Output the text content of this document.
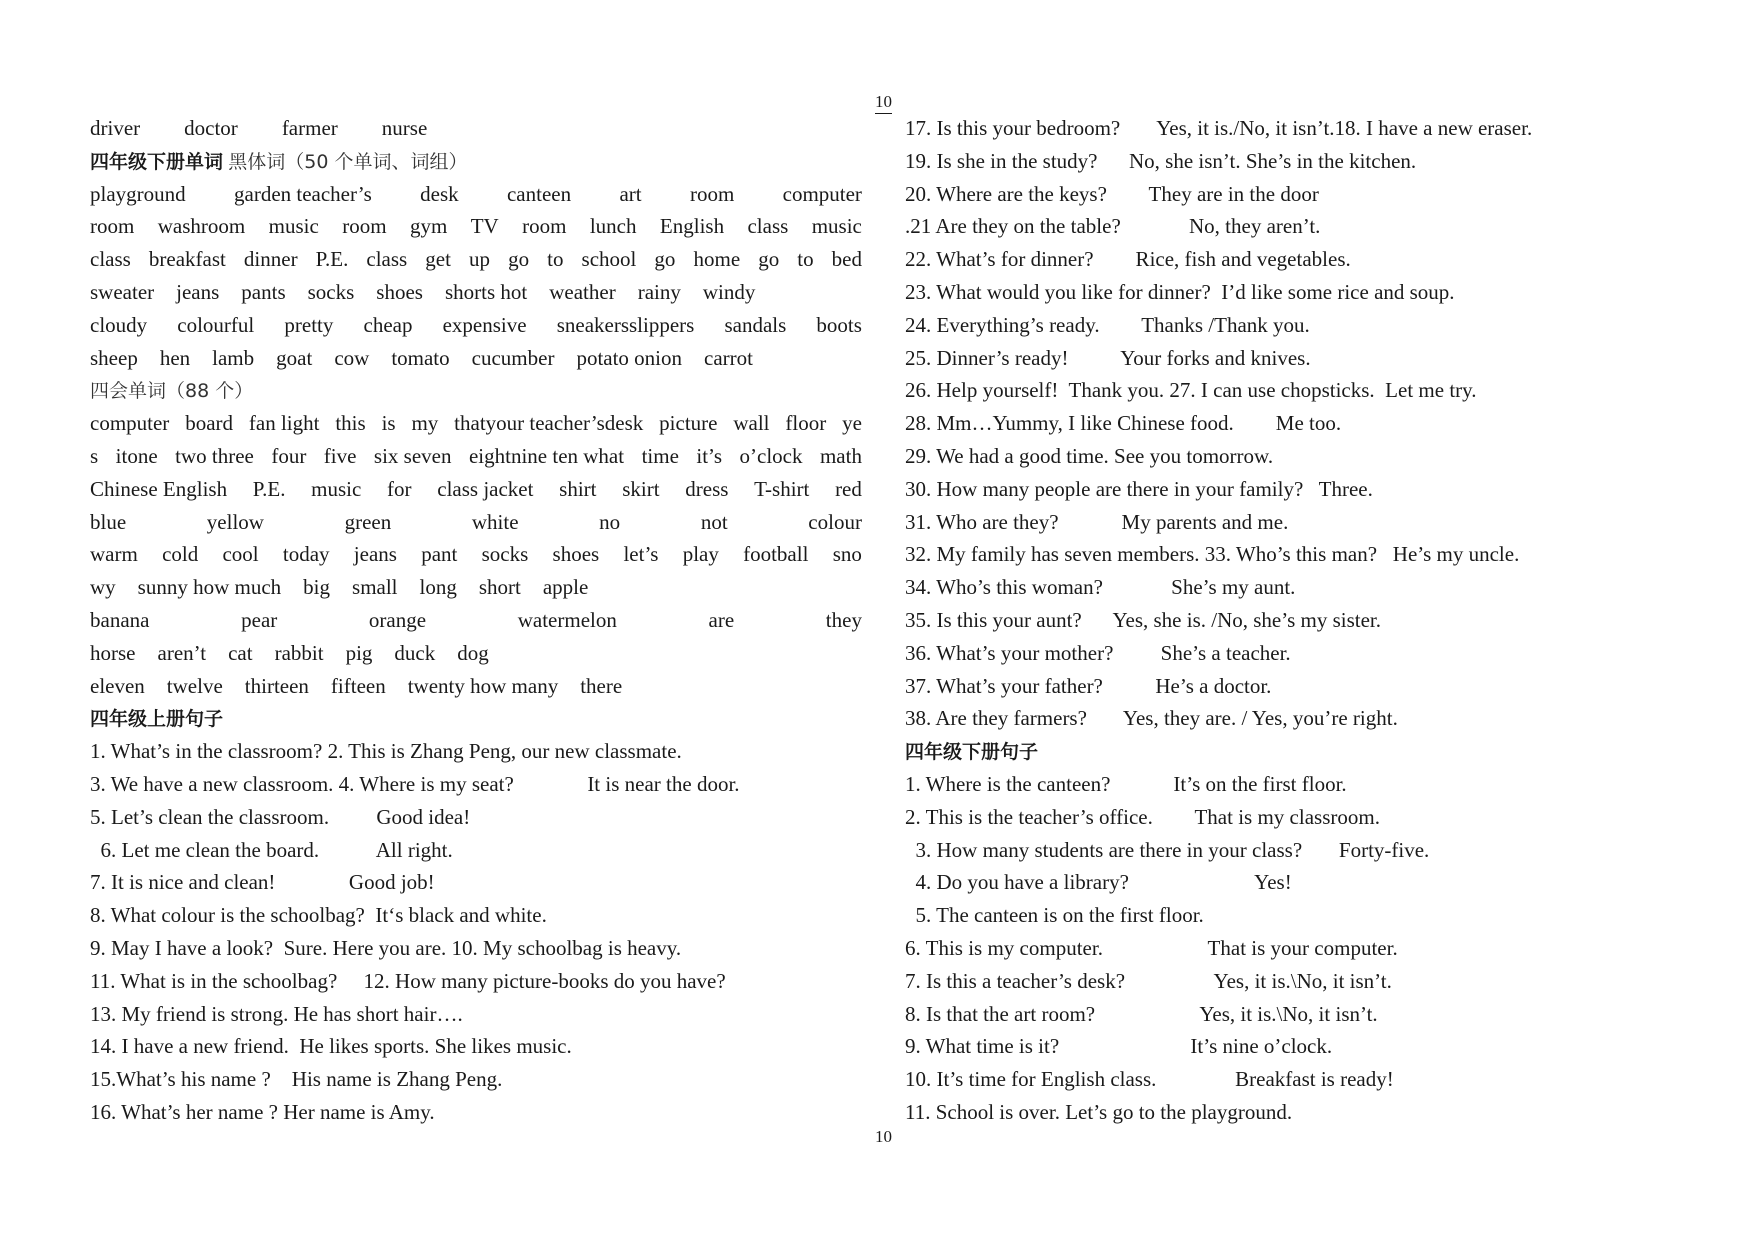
10
10
driver doctor farmer nurse
四年级下册单词 黑体词（50 个单词、词组）
playground garden teacher’s desk canteen art room computer
room washroom music room gym TV room lunch English class music
class breakfast dinner P.E. class get up go to school go home go to bed
sweater jeans pants socks shoes shorts hot weather rainy windy
cloudy colourful pretty cheap expensive sneakersslippers sandals boots
sheep hen lamb goat cow tomato cucumber potato onion carrot
四会单词（88 个）
computer board fan light this is my thatyour teacher’sdesk picture wall floor ye
s itone two three four five six seven eightnine ten what time it’s o’clock math
Chinese English P.E. music for class jacket shirt skirt dress T-shirt red
blue	yellow	green	white	no	not	colour
warm cold cool today jeans pant socks shoes let’s play football sno
wy sunny how much big small long short apple
banana	pear	orange	watermelon	are	they
horse aren’t cat rabbit pig duck dog
eleven twelve thirteen fifteen twenty how many there
四年级上册句子
1. What’s in the classroom? 2. This is Zhang Peng, our new classmate.
3. We have a new classroom. 4. Where is my seat?              It is near the door.
5. Let’s clean the classroom.         Good idea!
6. Let me clean the board.           All right.
7. It is nice and clean!              Good job!
8. What colour is the schoolbag?  It‘s black and white.
9. May I have a look?  Sure. Here you are. 10. My schoolbag is heavy.
11. What is in the schoolbag?     12. How many picture-books do you have?
13. My friend is strong. He has short hair….
14. I have a new friend.  He likes sports. She likes music.
15.What’s his name ?    His name is Zhang Peng.
16. What’s her name ? Her name is Amy.
17. Is this your bedroom?       Yes, it is./No, it isn’t.18. I have a new eraser.
19. Is she in the study?      No, she isn’t. She’s in the kitchen.
20. Where are the keys?        They are in the door
.21 Are they on the table?             No, they aren’t.
22. What’s for dinner?        Rice, fish and vegetables.
23. What would you like for dinner?  I’d like some rice and soup.
24. Everything’s ready.        Thanks /Thank you.
25. Dinner’s ready!          Your forks and knives.
26. Help yourself!  Thank you. 27. I can use chopsticks.  Let me try.
28. Mm…Yummy, I like Chinese food.        Me too.
29. We had a good time. See you tomorrow.
30. How many people are there in your family?   Three.
31. Who are they?            My parents and me.
32. My family has seven members. 33. Who’s this man?   He’s my uncle.
34. Who’s this woman?             She’s my aunt.
35. Is this your aunt?      Yes, she is. /No, she’s my sister.
36. What’s your mother?         She’s a teacher.
37. What’s your father?          He’s a doctor.
38. Are they farmers?       Yes, they are. / Yes, you’re right.
四年级下册句子
1. Where is the canteen?            It’s on the first floor.
2. This is the teacher’s office.        That is my classroom.
3. How many students are there in your class?       Forty-five.
4. Do you have a library?                        Yes!
5. The canteen is on the first floor.
6. This is my computer.                    That is your computer.
7. Is this a teacher’s desk?                 Yes, it is.\No, it isn’t.
8. Is that the art room?                    Yes, it is.\No, it isn’t.
9. What time is it?                         It’s nine o’clock.
10. It’s time for English class.               Breakfast is ready!
11. School is over. Let’s go to the playground.
